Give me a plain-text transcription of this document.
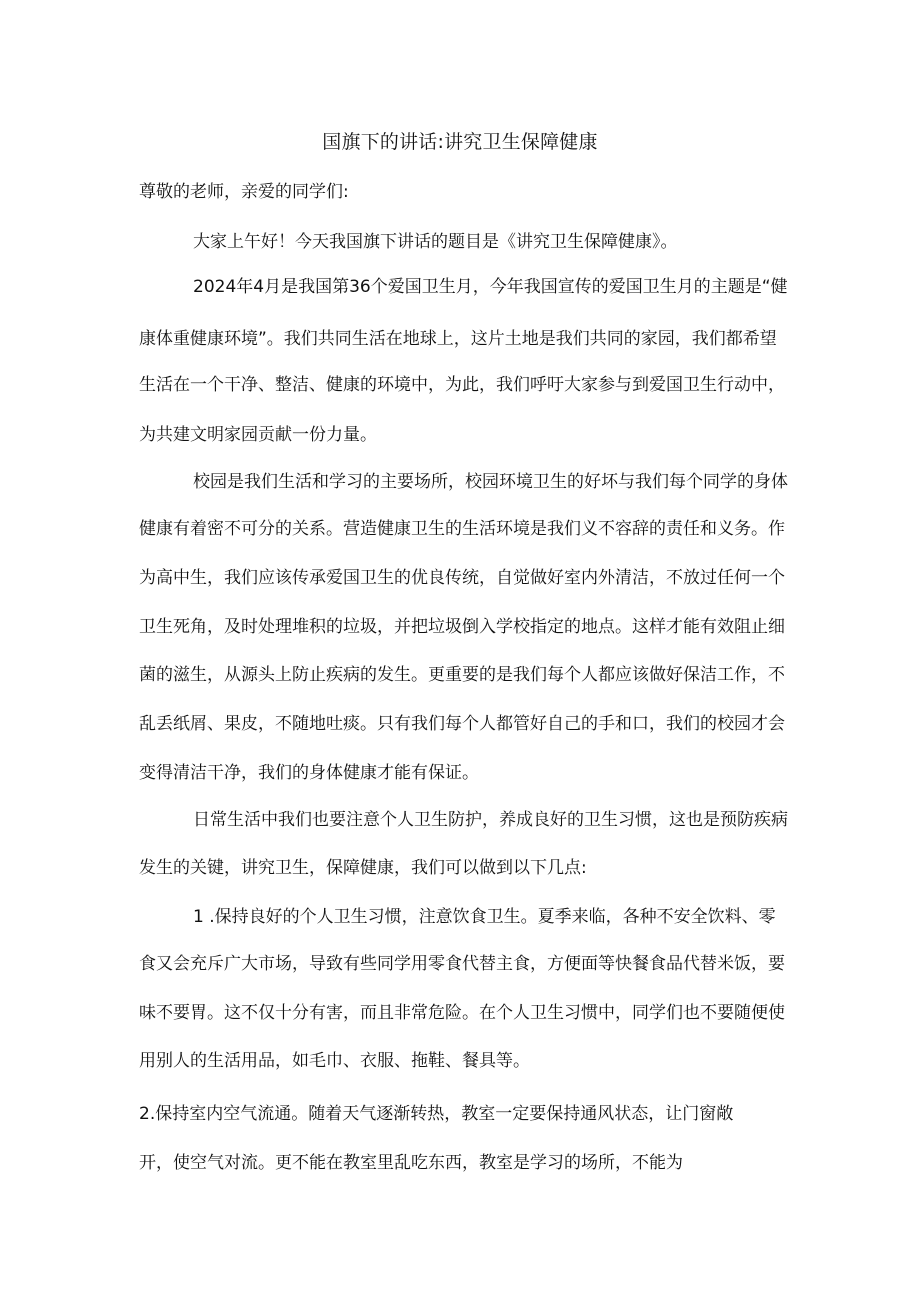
国旗下的讲话:讲究卫生保障健康

尊敬的老师，亲爱的同学们:

大家上午好！今天我国旗下讲话的题目是《讲究卫生保障健康》。

2024年4月是我国第36个爱国卫生月，今年我国宣传的爱国卫生月的主题是“健

康体重健康环境”。我们共同生活在地球上，这片土地是我们共同的家园，我们都希望

生活在一个干净、整洁、健康的环境中，为此，我们呼吁大家参与到爱国卫生行动中，

为共建文明家园贡献一份力量。

校园是我们生活和学习的主要场所，校园环境卫生的好坏与我们每个同学的身体

健康有着密不可分的关系。营造健康卫生的生活环境是我们义不容辞的责任和义务。作

为高中生，我们应该传承爱国卫生的优良传统，自觉做好室内外清洁，不放过任何一个

卫生死角，及时处理堆积的垃圾，并把垃圾倒入学校指定的地点。这样才能有效阻止细

菌的滋生，从源头上防止疾病的发生。更重要的是我们每个人都应该做好保洁工作，不

乱丢纸屑、果皮，不随地吐痰。只有我们每个人都管好自己的手和口，我们的校园才会

变得清洁干净，我们的身体健康才能有保证。

日常生活中我们也要注意个人卫生防护，养成良好的卫生习惯，这也是预防疾病

发生的关键，讲究卫生，保障健康，我们可以做到以下几点:

1 .保持良好的个人卫生习惯，注意饮食卫生。夏季来临，各种不安全饮料、零

食又会充斥广大市场，导致有些同学用零食代替主食，方便面等快餐食品代替米饭，要

味不要胃。这不仅十分有害，而且非常危险。在个人卫生习惯中，同学们也不要随便使

用别人的生活用品，如毛巾、衣服、拖鞋、餐具等。

2.保持室内空气流通。随着天气逐渐转热，教室一定要保持通风状态，让门窗敞

开，使空气对流。更不能在教室里乱吃东西，教室是学习的场所，不能为
